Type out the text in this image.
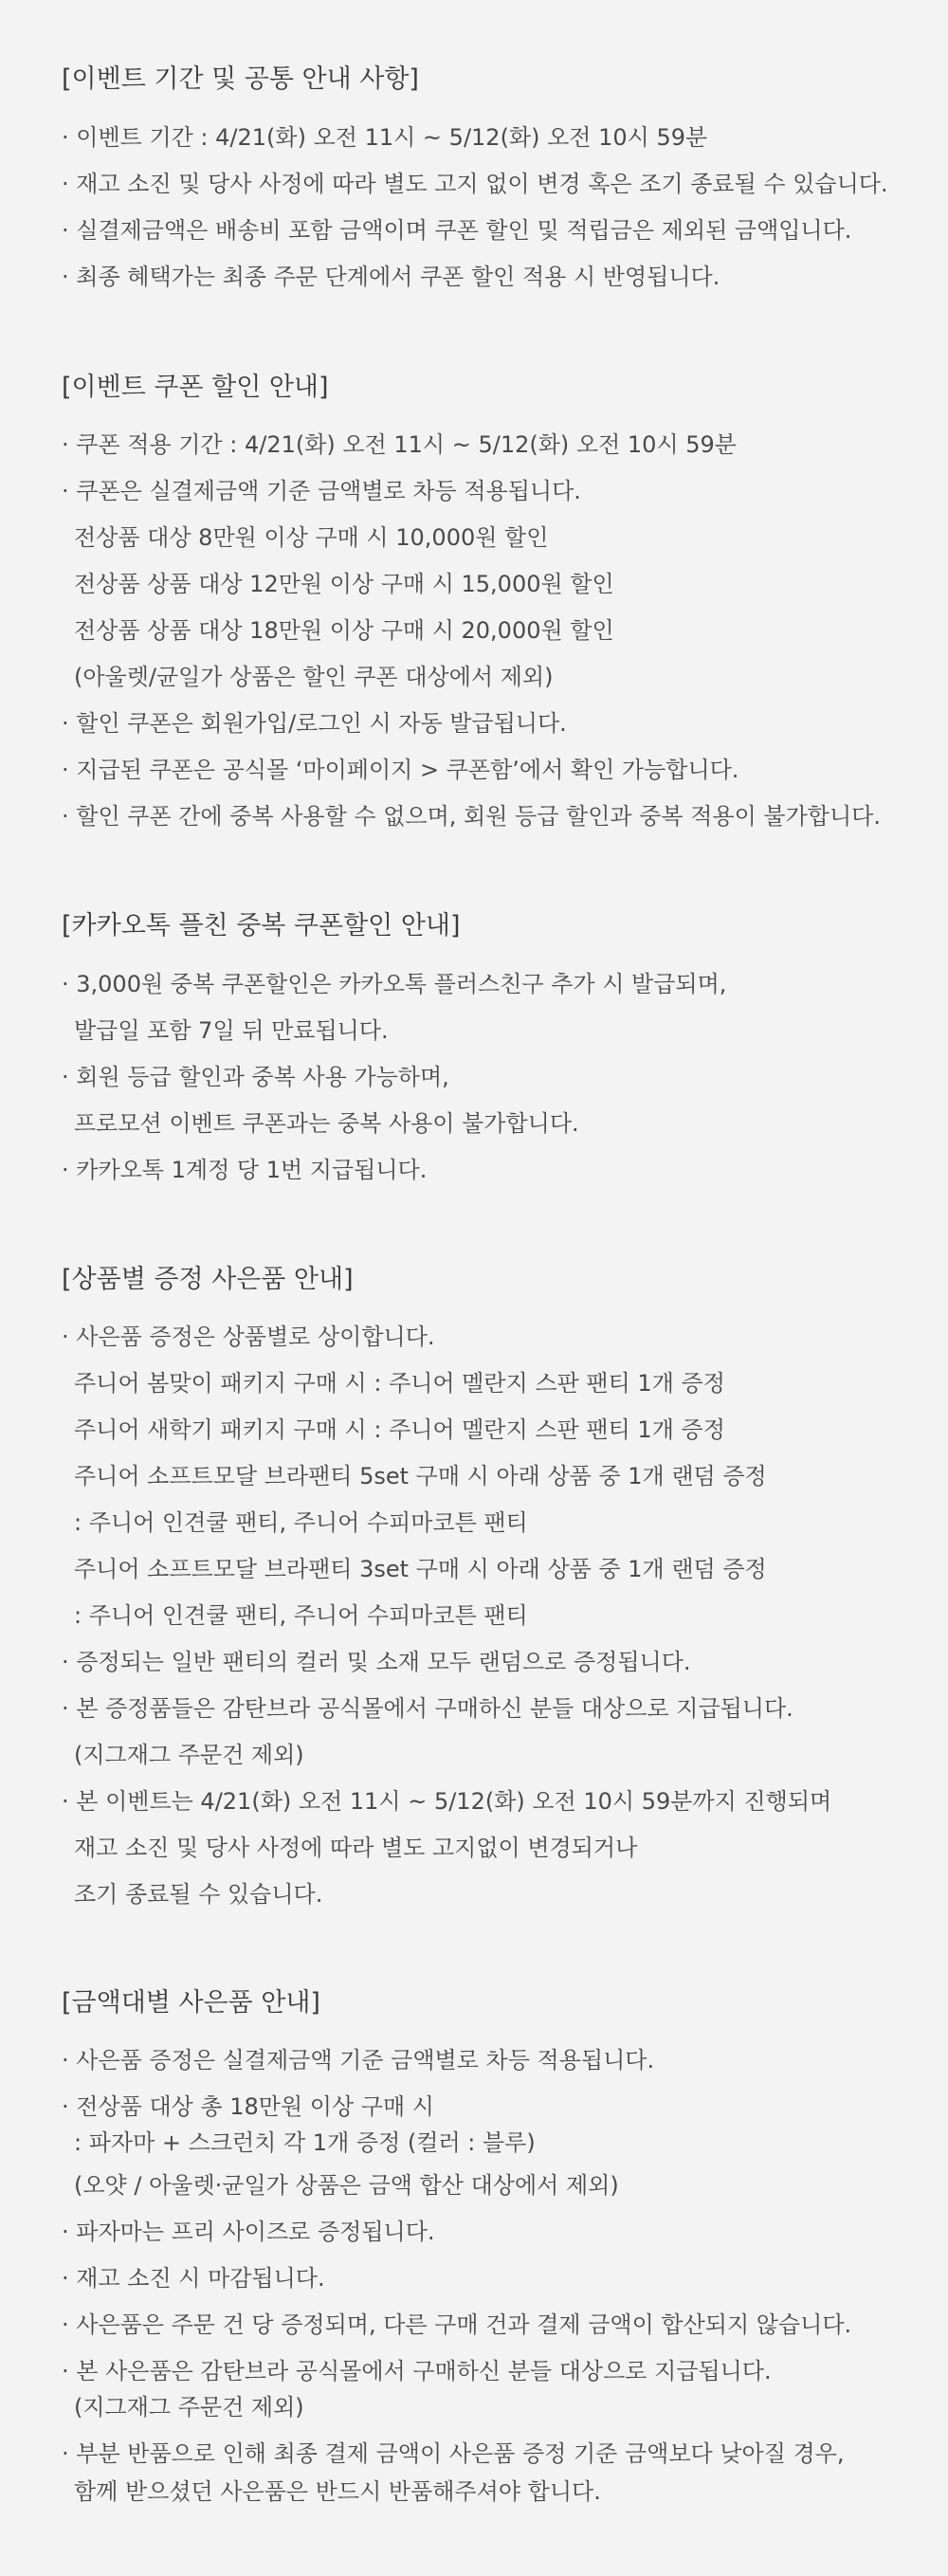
[이벤트 기간 및 공통 안내 사항]
· 이벤트 기간 : 4/21(화) 오전 11시 ~ 5/12(화) 오전 10시 59분
· 재고 소진 및 당사 사정에 따라 별도 고지 없이 변경 혹은 조기 종료될 수 있습니다.
· 실결제금액은 배송비 포함 금액이며 쿠폰 할인 및 적립금은 제외된 금액입니다.
· 최종 혜택가는 최종 주문 단계에서 쿠폰 할인 적용 시 반영됩니다.
[이벤트 쿠폰 할인 안내]
· 쿠폰 적용 기간 : 4/21(화) 오전 11시 ~ 5/12(화) 오전 10시 59분
· 쿠폰은 실결제금액 기준 금액별로 차등 적용됩니다.
전상품 대상 8만원 이상 구매 시 10,000원 할인
전상품 상품 대상 12만원 이상 구매 시 15,000원 할인
전상품 상품 대상 18만원 이상 구매 시 20,000원 할인
(아울렛/균일가 상품은 할인 쿠폰 대상에서 제외)
· 할인 쿠폰은 회원가입/로그인 시 자동 발급됩니다.
· 지급된 쿠폰은 공식몰 ‘마이페이지 > 쿠폰함’에서 확인 가능합니다.
· 할인 쿠폰 간에 중복 사용할 수 없으며, 회원 등급 할인과 중복 적용이 불가합니다.
[카카오톡 플친 중복 쿠폰할인 안내]
· 3,000원 중복 쿠폰할인은 카카오톡 플러스친구 추가 시 발급되며,
발급일 포함 7일 뒤 만료됩니다.
· 회원 등급 할인과 중복 사용 가능하며,
프로모션 이벤트 쿠폰과는 중복 사용이 불가합니다.
· 카카오톡 1계정 당 1번 지급됩니다.
[상품별 증정 사은품 안내]
· 사은품 증정은 상품별로 상이합니다.
주니어 봄맞이 패키지 구매 시 : 주니어 멜란지 스판 팬티 1개 증정
주니어 새학기 패키지 구매 시 : 주니어 멜란지 스판 팬티 1개 증정
주니어 소프트모달 브라팬티 5set 구매 시 아래 상품 중 1개 랜덤 증정
: 주니어 인견쿨 팬티, 주니어 수피마코튼 팬티
주니어 소프트모달 브라팬티 3set 구매 시 아래 상품 중 1개 랜덤 증정
: 주니어 인견쿨 팬티, 주니어 수피마코튼 팬티
· 증정되는 일반 팬티의 컬러 및 소재 모두 랜덤으로 증정됩니다.
· 본 증정품들은 감탄브라 공식몰에서 구매하신 분들 대상으로 지급됩니다.
(지그재그 주문건 제외)
· 본 이벤트는 4/21(화) 오전 11시 ~ 5/12(화) 오전 10시 59분까지 진행되며
재고 소진 및 당사 사정에 따라 별도 고지없이 변경되거나
조기 종료될 수 있습니다.
[금액대별 사은품 안내]
· 사은품 증정은 실결제금액 기준 금액별로 차등 적용됩니다.
· 전상품 대상 총 18만원 이상 구매 시
: 파자마 + 스크런치 각 1개 증정 (컬러 : 블루)
(오얏 / 아울렛·균일가 상품은 금액 합산 대상에서 제외)
· 파자마는 프리 사이즈로 증정됩니다.
· 재고 소진 시 마감됩니다.
· 사은품은 주문 건 당 증정되며, 다른 구매 건과 결제 금액이 합산되지 않습니다.
· 본 사은품은 감탄브라 공식몰에서 구매하신 분들 대상으로 지급됩니다.
(지그재그 주문건 제외)
· 부분 반품으로 인해 최종 결제 금액이 사은품 증정 기준 금액보다 낮아질 경우,
함께 받으셨던 사은품은 반드시 반품해주셔야 합니다.
